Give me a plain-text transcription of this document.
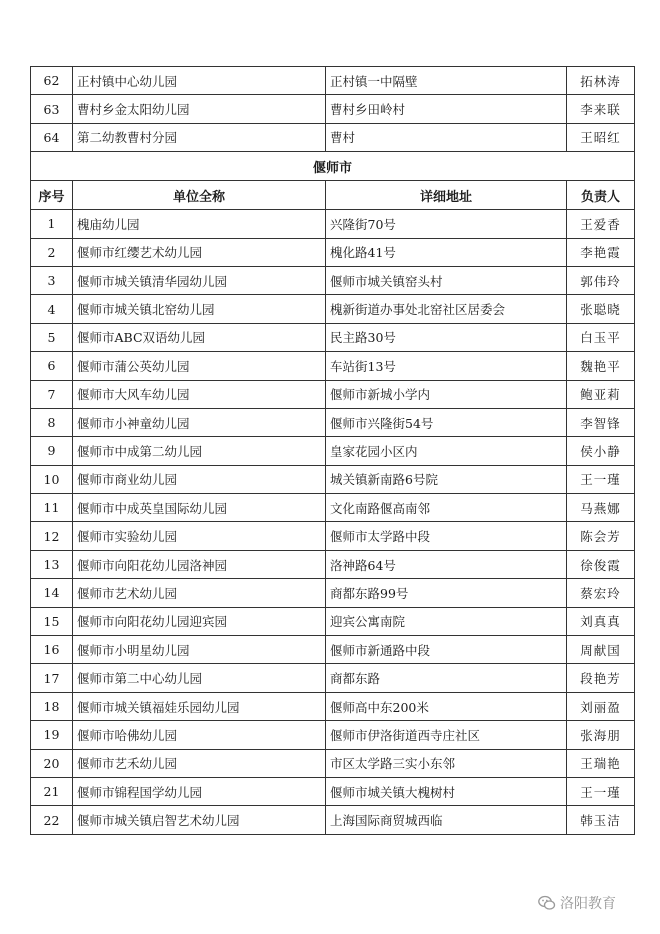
62	正村镇中心幼儿园	正村镇一中隔壁	拓林涛
63	曹村乡金太阳幼儿园	曹村乡田岭村	李来联
64	第二幼教曹村分园	曹村	王昭红
偃师市			
序号	单位全称	详细地址	负责人
1	槐庙幼儿园	兴隆街70号	王爱香
2	偃师市红缨艺术幼儿园	槐化路41号	李艳霞
3	偃师市城关镇清华园幼儿园	偃师市城关镇窑头村	郭伟玲
4	偃师市城关镇北窑幼儿园	槐新街道办事处北窑社区居委会	张聪晓
5	偃师市ABC双语幼儿园	民主路30号	白玉平
6	偃师市蒲公英幼儿园	车站街13号	魏艳平
7	偃师市大风车幼儿园	偃师市新城小学内	鲍亚莉
8	偃师市小神童幼儿园	偃师市兴隆街54号	李智锋
9	偃师市中成第二幼儿园	皇家花园小区内	侯小静
10	偃师市商业幼儿园	城关镇新南路6号院	王一瑾
11	偃师市中成英皇国际幼儿园	文化南路偃高南邻	马燕娜
12	偃师市实验幼儿园	偃师市太学路中段	陈会芳
13	偃师市向阳花幼儿园洛神园	洛神路64号	徐俊霞
14	偃师市艺术幼儿园	商都东路99号	蔡宏玲
15	偃师市向阳花幼儿园迎宾园	迎宾公寓南院	刘真真
16	偃师市小明星幼儿园	偃师市新通路中段	周献国
17	偃师市第二中心幼儿园	商都东路	段艳芳
18	偃师市城关镇福娃乐园幼儿园	偃师高中东200米	刘丽盈
19	偃师市哈佛幼儿园	偃师市伊洛街道西寺庄社区	张海朋
20	偃师市艺禾幼儿园	市区太学路三实小东邻	王瑞艳
21	偃师市锦程国学幼儿园	偃师市城关镇大槐树村	王一瑾
22	偃师市城关镇启智艺术幼儿园	上海国际商贸城西临	韩玉洁
洛阳教育
